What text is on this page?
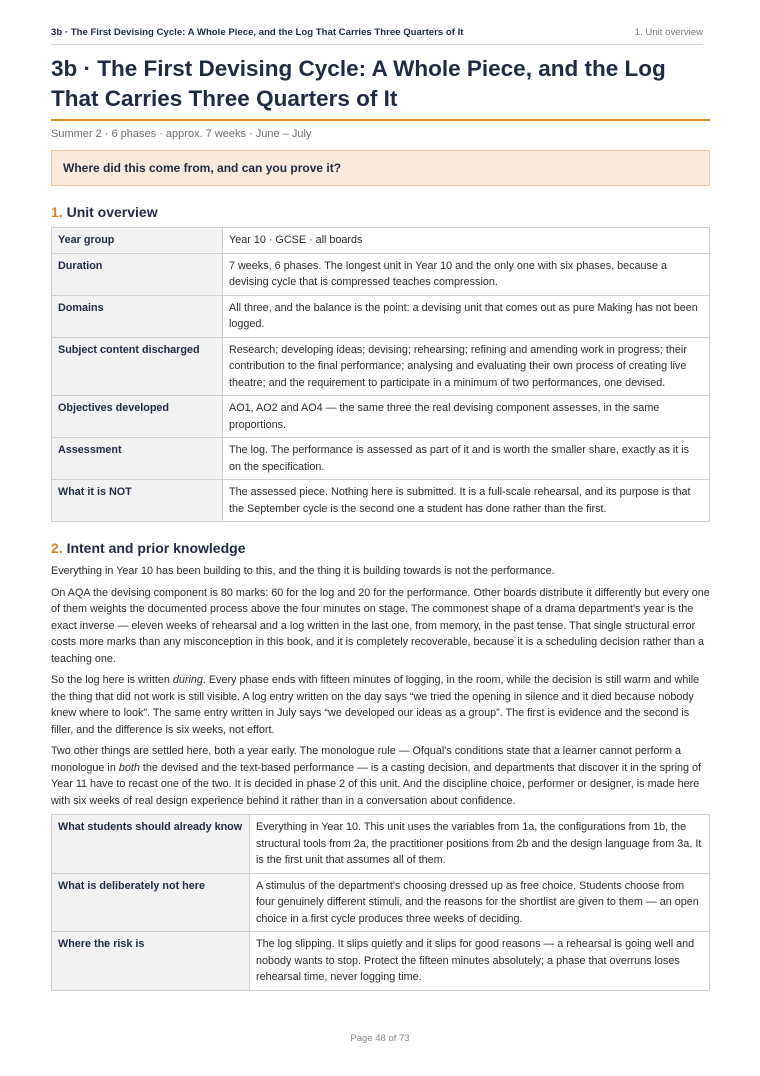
3b · The First Devising Cycle: A Whole Piece, and the Log That Carries Three Quarters of It	1. Unit overview
3b · The First Devising Cycle: A Whole Piece, and the Log That Carries Three Quarters of It
Summer 2 · 6 phases · approx. 7 weeks · June – July
Where did this come from, and can you prove it?
1. Unit overview
Year group	Year 10 · GCSE · all boards
Duration	7 weeks, 6 phases. The longest unit in Year 10 and the only one with six phases, because a devising cycle that is compressed teaches compression.
Domains	All three, and the balance is the point: a devising unit that comes out as pure Making has not been logged.
Subject content discharged	Research; developing ideas; devising; rehearsing; refining and amending work in progress; their contribution to the final performance; analysing and evaluating their own process of creating live theatre; and the requirement to participate in a minimum of two performances, one devised.
Objectives developed	AO1, AO2 and AO4 — the same three the real devising component assesses, in the same proportions.
Assessment	The log. The performance is assessed as part of it and is worth the smaller share, exactly as it is on the specification.
What it is NOT	The assessed piece. Nothing here is submitted. It is a full-scale rehearsal, and its purpose is that the September cycle is the second one a student has done rather than the first.
2. Intent and prior knowledge

Everything in Year 10 has been building to this, and the thing it is building towards is not the performance.

On AQA the devising component is 80 marks: 60 for the log and 20 for the performance. Other boards distribute it differently but every one of them weights the documented process above the four minutes on stage. The commonest shape of a drama department's year is the exact inverse — eleven weeks of rehearsal and a log written in the last one, from memory, in the past tense. That single structural error costs more marks than any misconception in this book, and it is completely recoverable, because it is a scheduling decision rather than a teaching one.

So the log here is written during. Every phase ends with fifteen minutes of logging, in the room, while the decision is still warm and while the thing that did not work is still visible. A log entry written on the day says “we tried the opening in silence and it died because nobody knew where to look”. The same entry written in July says “we developed our ideas as a group”. The first is evidence and the second is filler, and the difference is six weeks, not effort.

Two other things are settled here, both a year early. The monologue rule — Ofqual's conditions state that a learner cannot perform a monologue in both the devised and the text-based performance — is a casting decision, and departments that discover it in the spring of Year 11 have to recast one of the two. It is decided in phase 2 of this unit. And the discipline choice, performer or designer, is made here with six weeks of real design experience behind it rather than in a conversation about confidence.

What students should already know	Everything in Year 10. This unit uses the variables from 1a, the configurations from 1b, the structural tools from 2a, the practitioner positions from 2b and the design language from 3a. It is the first unit that assumes all of them.
What is deliberately not here	A stimulus of the department's choosing dressed up as free choice. Students choose from four genuinely different stimuli, and the reasons for the shortlist are given to them — an open choice in a first cycle produces three weeks of deciding.
Where the risk is	The log slipping. It slips quietly and it slips for good reasons — a rehearsal is going well and nobody wants to stop. Protect the fifteen minutes absolutely; a phase that overruns loses rehearsal time, never logging time.
Page 48 of 73
